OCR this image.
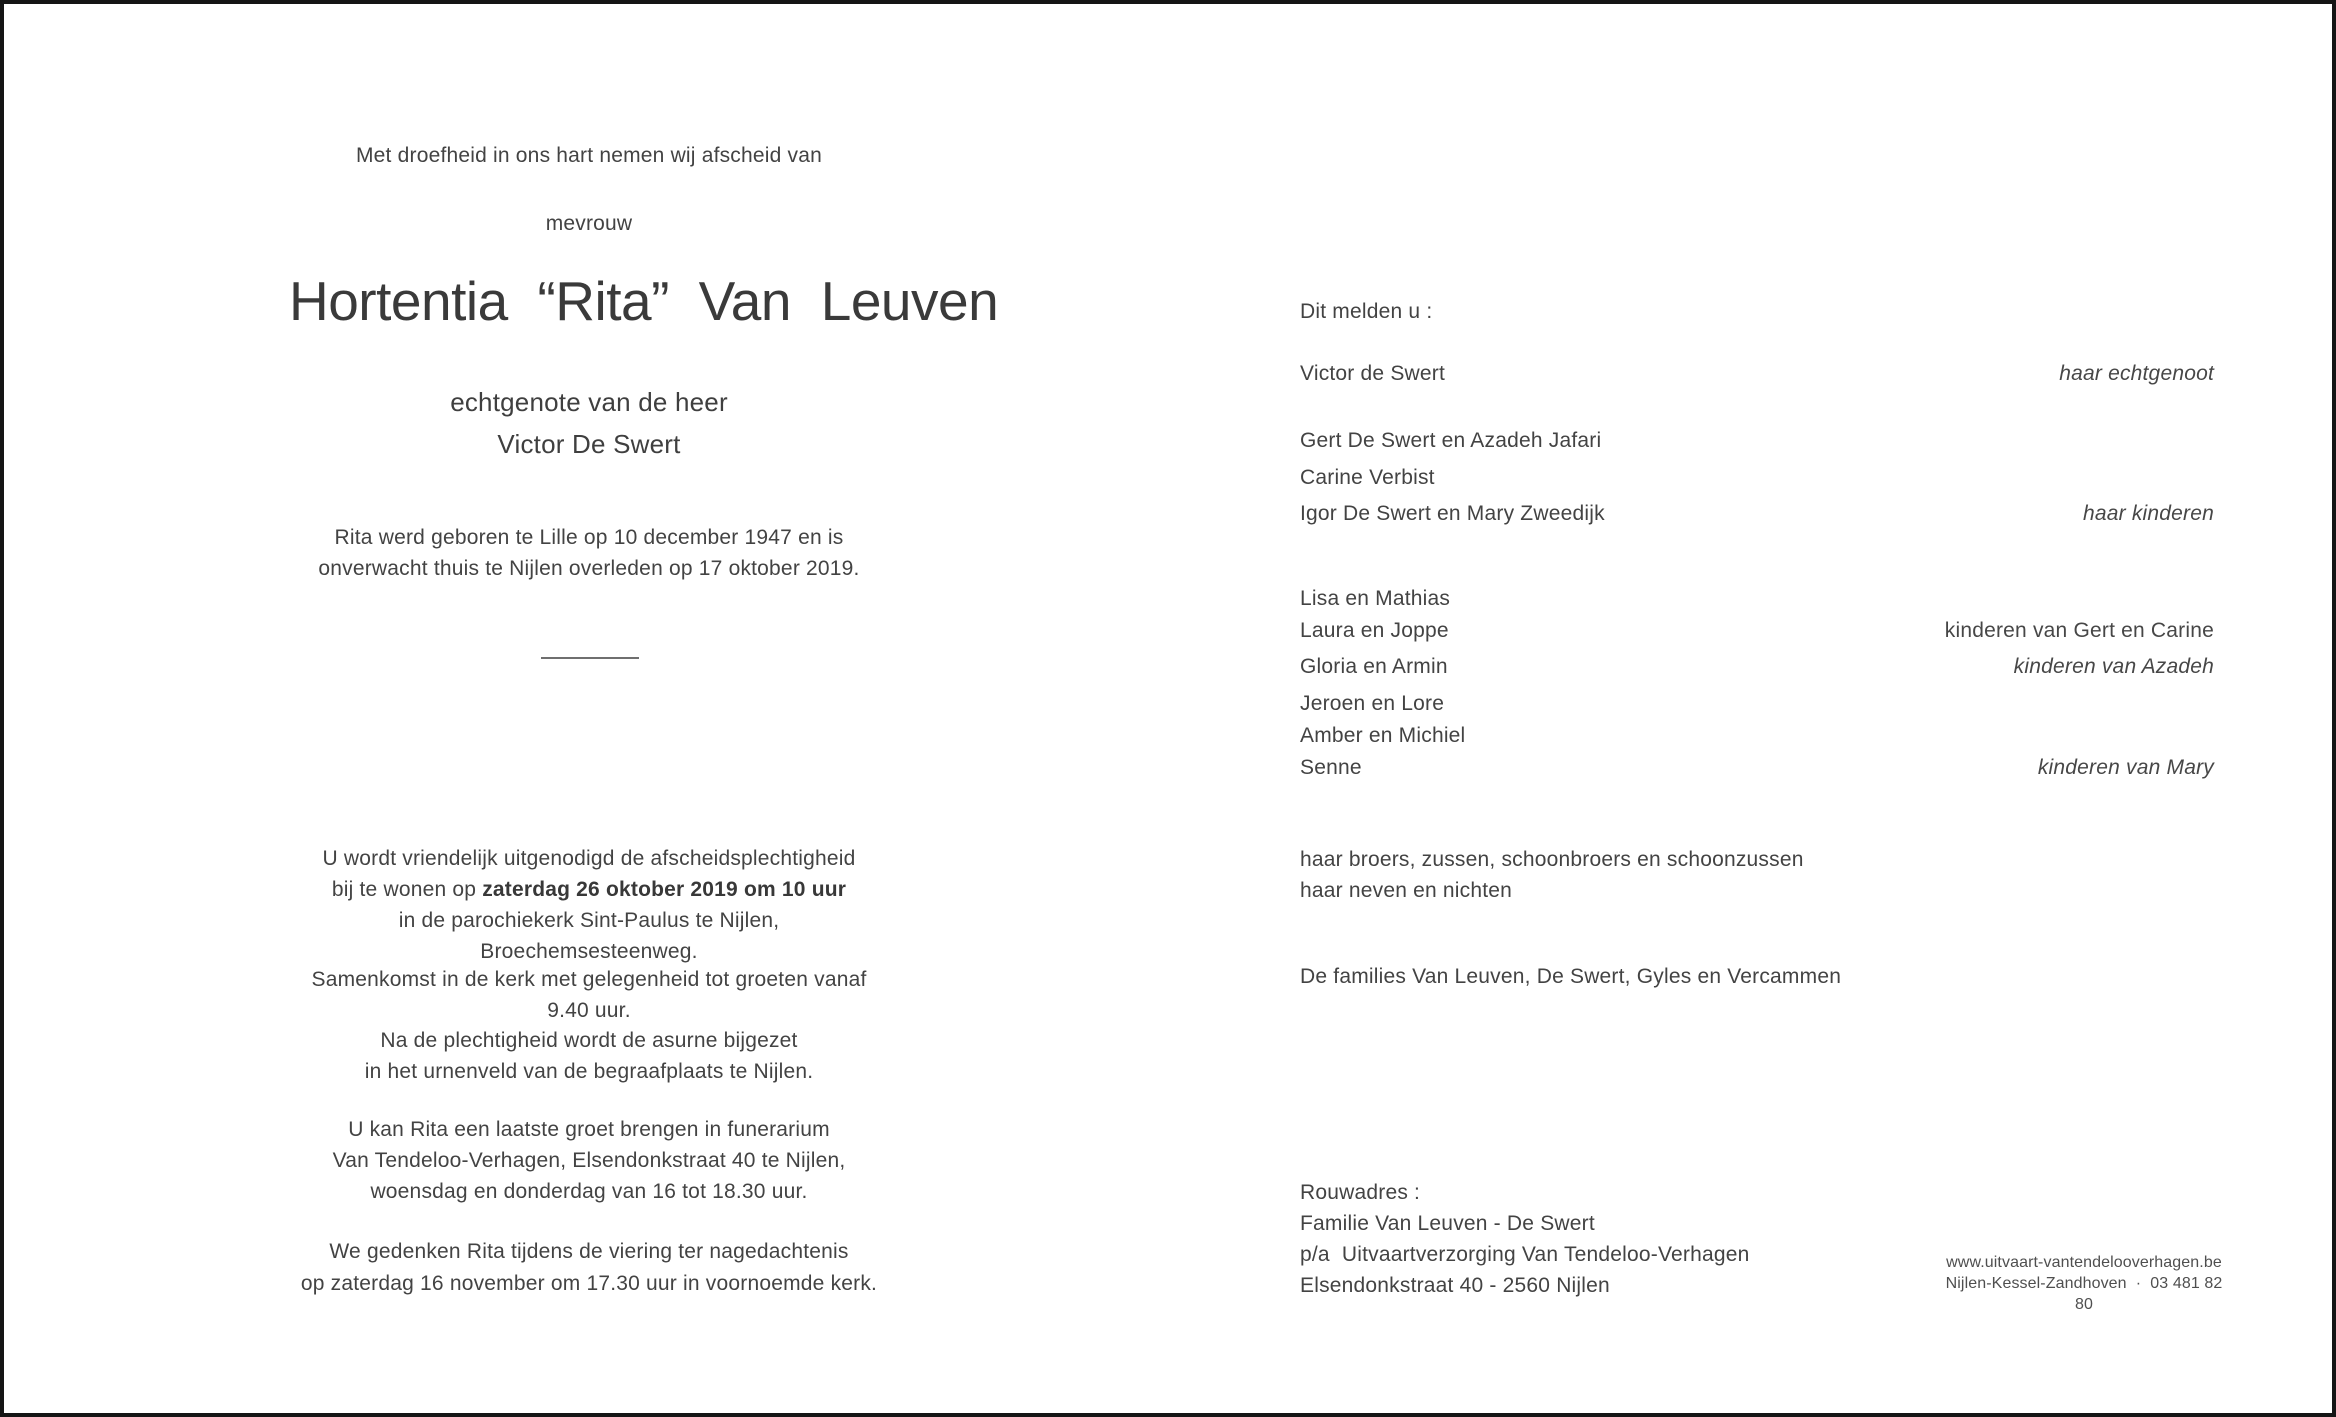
Met droefheid in ons hart nemen wij afscheid van
mevrouw
Hortentia “Rita” Van Leuven
echtgenote van de heer
Victor De Swert
Rita werd geboren te Lille op 10 december 1947 en is
onverwacht thuis te Nijlen overleden op 17 oktober 2019.
U wordt vriendelijk uitgenodigd de afscheidsplechtigheid
bij te wonen op zaterdag 26 oktober 2019 om 10 uur
in de parochiekerk Sint-Paulus te Nijlen, Broechemsesteenweg.
Samenkomst in de kerk met gelegenheid tot groeten vanaf 9.40 uur.
Na de plechtigheid wordt de asurne bijgezet
in het urnenveld van de begraafplaats te Nijlen.
U kan Rita een laatste groet brengen in funerarium
Van Tendeloo-Verhagen, Elsendonkstraat 40 te Nijlen,
woensdag en donderdag van 16 tot 18.30 uur.
We gedenken Rita tijdens de viering ter nagedachtenis
op zaterdag 16 november om 17.30 uur in voornoemde kerk.
Dit melden u :
Victor de Swert	haar echtgenoot
Gert De Swert en Azadeh Jafari
Carine Verbist
Igor De Swert en Mary Zweedijk	haar kinderen
Lisa en Mathias
Laura en Joppe	kinderen van Gert en Carine
Gloria en Armin	kinderen van Azadeh
Jeroen en Lore
Amber en Michiel
Senne	kinderen van Mary
haar broers, zussen, schoonbroers en schoonzussen
haar neven en nichten
De families Van Leuven, De Swert, Gyles en Vercammen
Rouwadres :
Familie Van Leuven - De Swert
p/a  Uitvaartverzorging Van Tendeloo-Verhagen
Elsendonkstraat 40 - 2560 Nijlen
www.uitvaart-vantendelooverhagen.be
Nijlen-Kessel-Zandhoven  ·  03 481 82 80
